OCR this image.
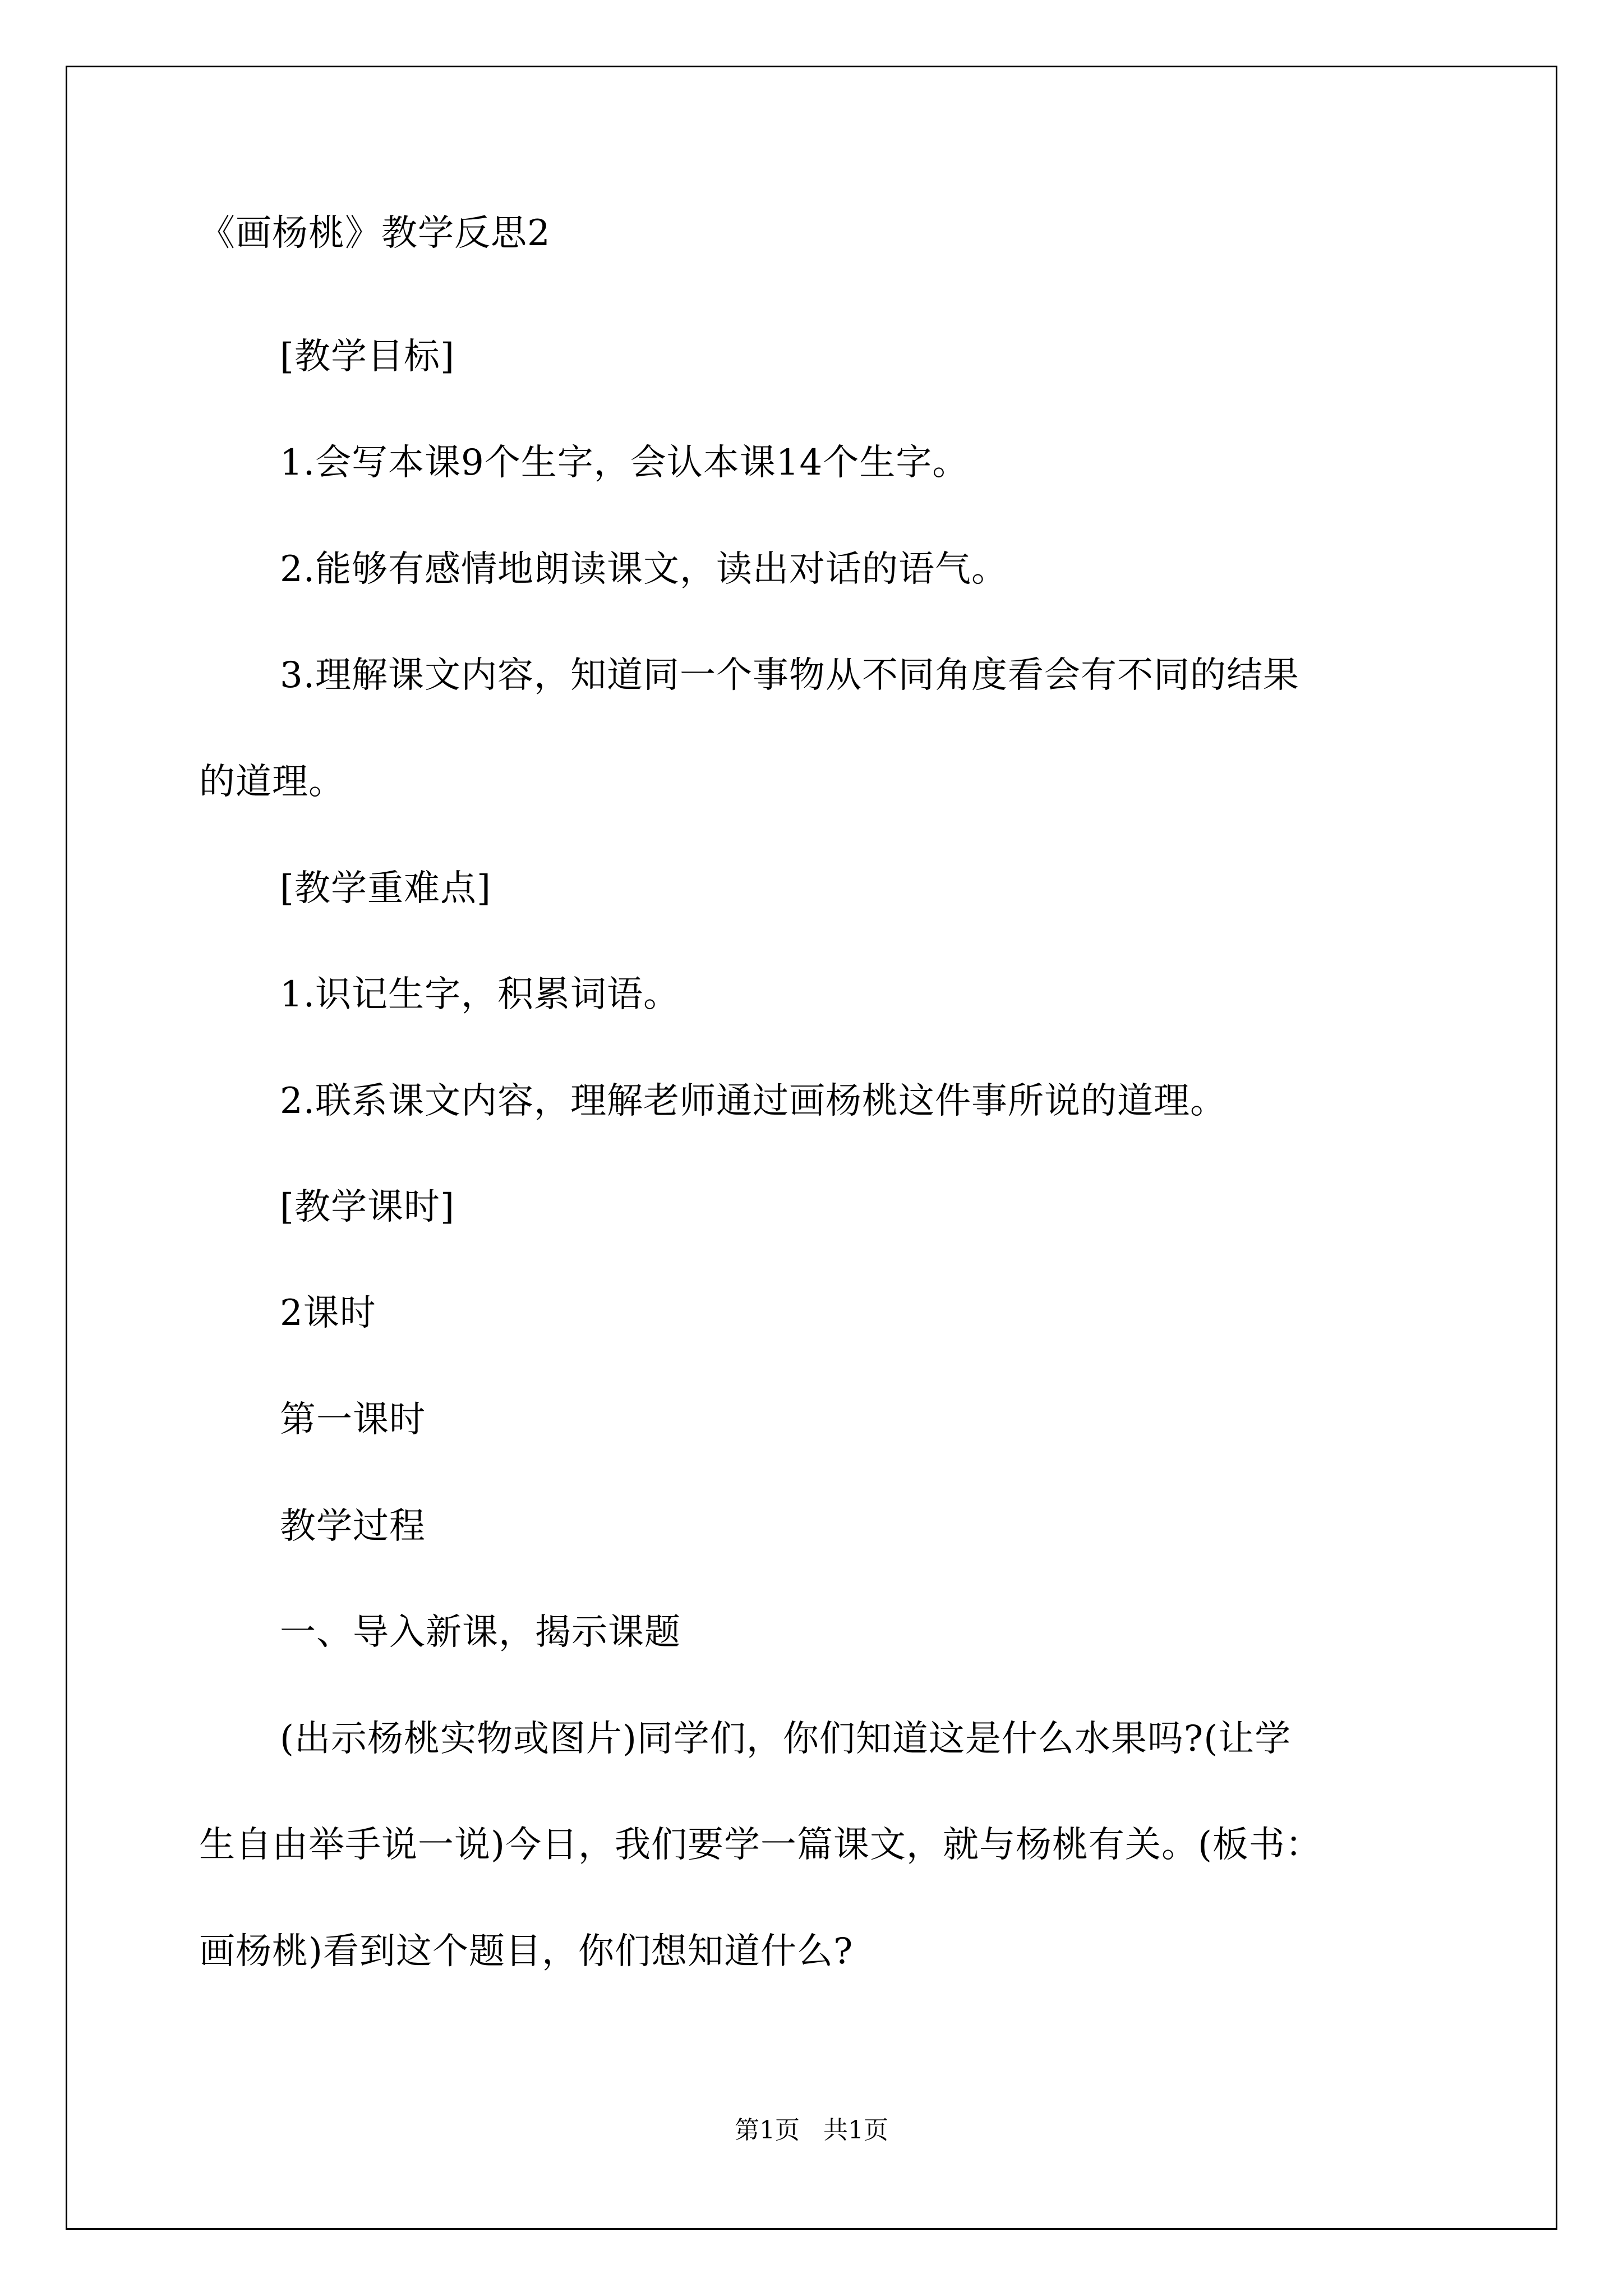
《画杨桃》教学反思2
[教学目标]
1.会写本课9个生字，会认本课14个生字。
2.能够有感情地朗读课文，读出对话的语气。
3.理解课文内容，知道同一个事物从不同角度看会有不同的结果
的道理。
[教学重难点]
1.识记生字，积累词语。
2.联系课文内容，理解老师通过画杨桃这件事所说的道理。
[教学课时]
2课时
第一课时
教学过程
一、导入新课，揭示课题
(出示杨桃实物或图片)同学们，你们知道这是什么水果吗?(让学
生自由举手说一说)今日，我们要学一篇课文，就与杨桃有关。(板书：
画杨桃)看到这个题目，你们想知道什么?
第1页   共1页
